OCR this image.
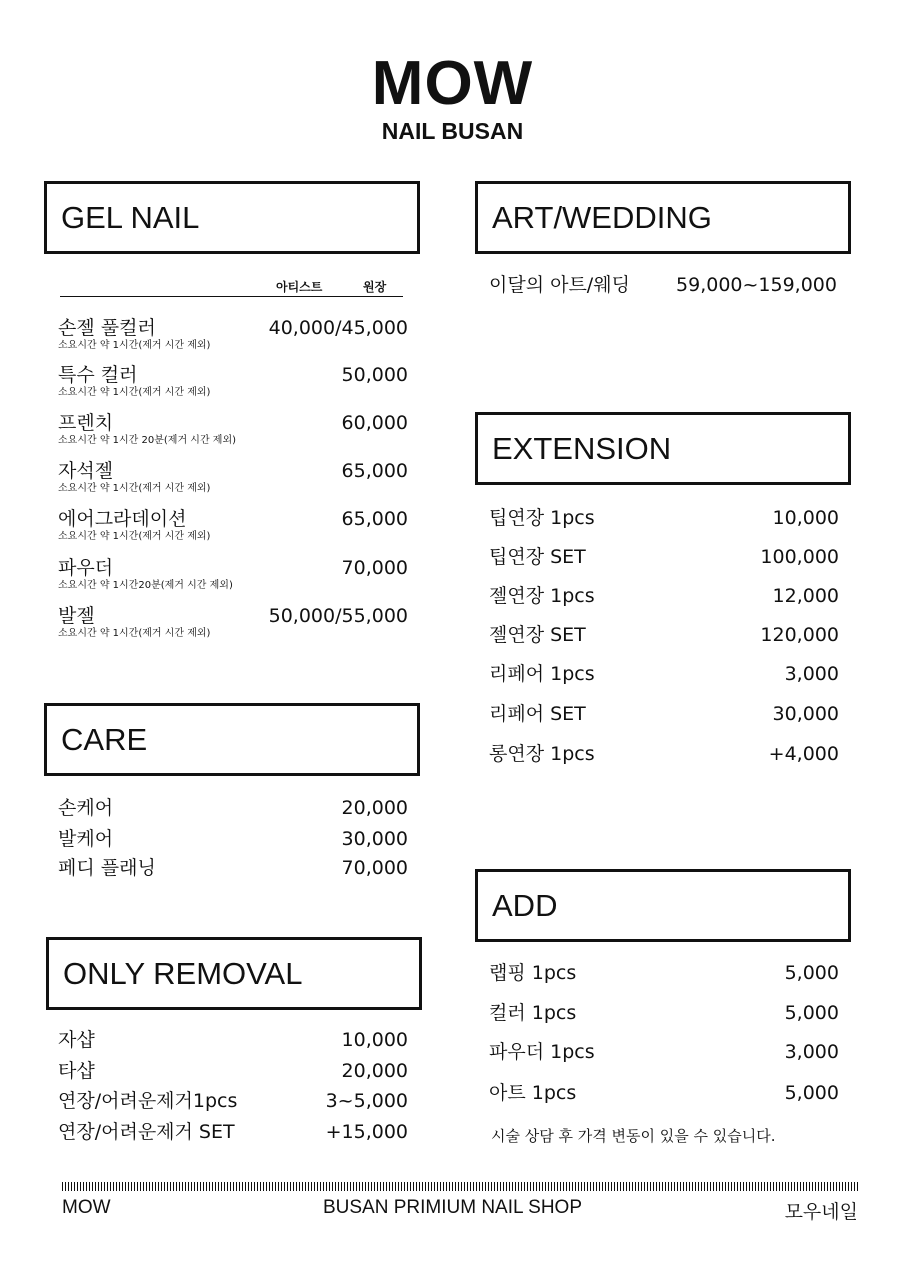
MOW
NAIL BUSAN
GEL NAIL
아티스트	원장
손젤 풀컬러
소요시간 약 1시간(제거 시간 제외)
40,000/45,000
특수 컬러
소요시간 약 1시간(제거 시간 제외)
50,000
프렌치
소요시간 약 1시간 20분(제거 시간 제외)
60,000
자석젤
소요시간 약 1시간(제거 시간 제외)
65,000
에어그라데이션
소요시간 약 1시간(제거 시간 제외)
65,000
파우더
소요시간 약 1시간20분(제거 시간 제외)
70,000
발젤
소요시간 약 1시간(제거 시간 제외)
50,000/55,000
CARE
손케어	20,000
발케어	30,000
페디 플래닝	70,000
ONLY REMOVAL
자샵	10,000
타샵	20,000
연장/어려운제거1pcs	3~5,000
연장/어려운제거 SET	+15,000
ART/WEDDING
이달의 아트/웨딩 59,000~159,000
EXTENSION
팁연장 1pcs	10,000
팁연장 SET	100,000
젤연장 1pcs	12,000
젤연장 SET	120,000
리페어 1pcs	3,000
리페어 SET	30,000
롱연장 1pcs	+4,000
ADD
랩핑 1pcs	5,000
컬러 1pcs	5,000
파우더 1pcs	3,000
아트 1pcs	5,000
시술 상담 후 가격 변동이 있을 수 있습니다.
MOW	BUSAN PRIMIUM NAIL SHOP	모우네일
